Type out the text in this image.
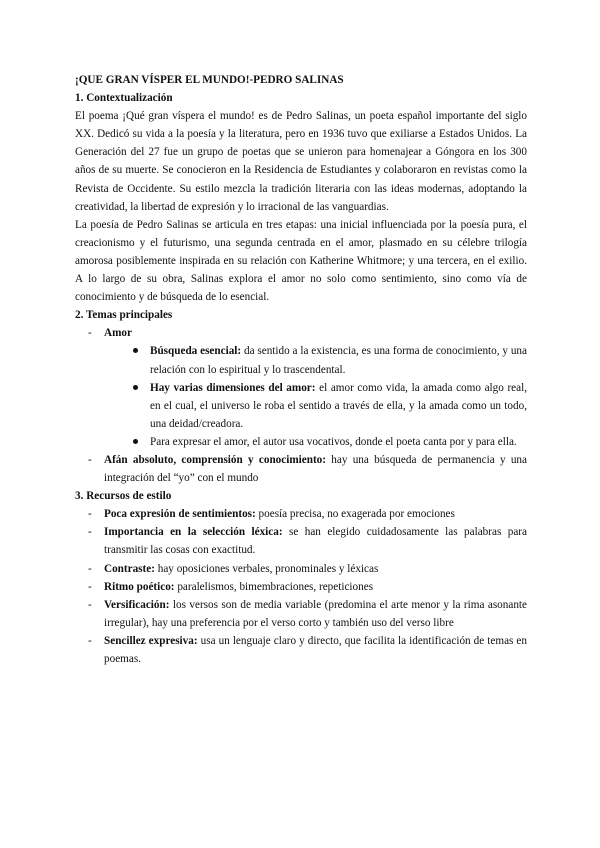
¡QUE GRAN VÍSPER EL MUNDO!-PEDRO SALINAS
1. Contextualización

El poema ¡Qué gran víspera el mundo! es de Pedro Salinas, un poeta español importante del siglo XX. Dedicó su vida a la poesía y la literatura, pero en 1936 tuvo que exiliarse a Estados Unidos. La Generación del 27 fue un grupo de poetas que se unieron para homenajear a Góngora en los 300 años de su muerte. Se conocieron en la Residencia de Estudiantes y colaboraron en revistas como la Revista de Occidente. Su estilo mezcla la tradición literaria con las ideas modernas, adoptando la creatividad, la libertad de expresión y lo irracional de las vanguardias.

La poesía de Pedro Salinas se articula en tres etapas: una inicial influenciada por la poesía pura, el creacionismo y el futurismo, una segunda centrada en el amor, plasmado en su célebre trilogía amorosa posiblemente inspirada en su relación con Katherine Whitmore; y una tercera, en el exilio. A lo largo de su obra, Salinas explora el amor no solo como sentimiento, sino como vía de conocimiento y de búsqueda de lo esencial.

2. Temas principales
- Amor
Búsqueda esencial: da sentido a la existencia, es una forma de conocimiento, y una relación con lo espiritual y lo trascendental.
Hay varias dimensiones del amor: el amor como vida, la amada como algo real, en el cual, el universo le roba el sentido a través de ella, y la amada como un todo, una deidad/creadora.
Para expresar el amor, el autor usa vocativos, donde el poeta canta por y para ella.
- Afán absoluto, comprensión y conocimiento: hay una búsqueda de permanencia y una integración del “yo” con el mundo
3. Recursos de estilo
- Poca expresión de sentimientos: poesía precisa, no exagerada por emociones
- Importancia en la selección léxica: se han elegido cuidadosamente las palabras para transmitir las cosas con exactitud.
- Contraste: hay oposiciones verbales, pronominales y léxicas
- Ritmo poético: paralelismos, bimembraciones, repeticiones
- Versificación: los versos son de media variable (predomina el arte menor y la rima asonante irregular), hay una preferencia por el verso corto y también uso del verso libre
- Sencillez expresiva: usa un lenguaje claro y directo, que facilita la identificación de temas en poemas.
